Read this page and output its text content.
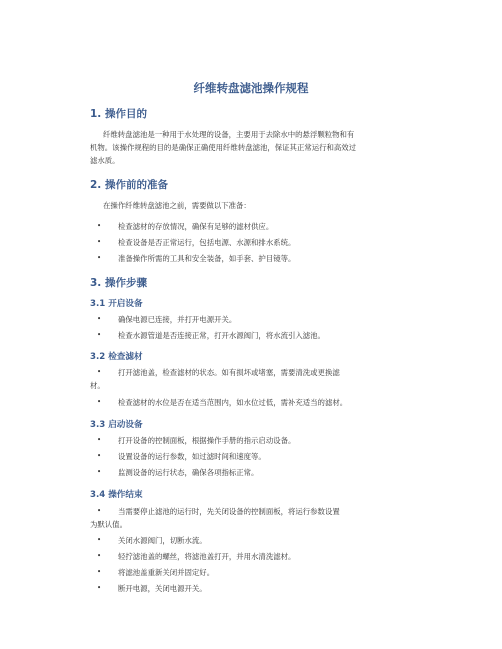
纤维转盘滤池操作规程
1. 操作目的
纤维转盘滤池是一种用于水处理的设备，主要用于去除水中的悬浮颗粒物和有
机物。该操作规程的目的是确保正确使用纤维转盘滤池，保证其正常运行和高效过
滤水质。
2. 操作前的准备
在操作纤维转盘滤池之前，需要做以下准备：
• 检查滤材的存放情况，确保有足够的滤材供应。
• 检查设备是否正常运行，包括电源、水源和排水系统。
• 准备操作所需的工具和安全装备，如手套、护目镜等。
3. 操作步骤
3.1 开启设备
• 确保电源已连接，并打开电源开关。
• 检查水源管道是否连接正常，打开水源阀门，将水流引入滤池。
3.2 检查滤材
• 打开滤池盖，检查滤材的状态。如有损坏或堵塞，需要清洗或更换滤
材。
• 检查滤材的水位是否在适当范围内，如水位过低，需补充适当的滤材。
3.3 启动设备
• 打开设备的控制面板，根据操作手册的指示启动设备。
• 设置设备的运行参数，如过滤时间和速度等。
• 监测设备的运行状态，确保各项指标正常。
3.4 操作结束
• 当需要停止滤池的运行时，先关闭设备的控制面板，将运行参数设置
为默认值。
• 关闭水源阀门，切断水流。
• 轻拧滤池盖的螺丝，将滤池盖打开，并用水清洗滤材。
• 将滤池盖重新关闭并固定好。
• 断开电源，关闭电源开关。
